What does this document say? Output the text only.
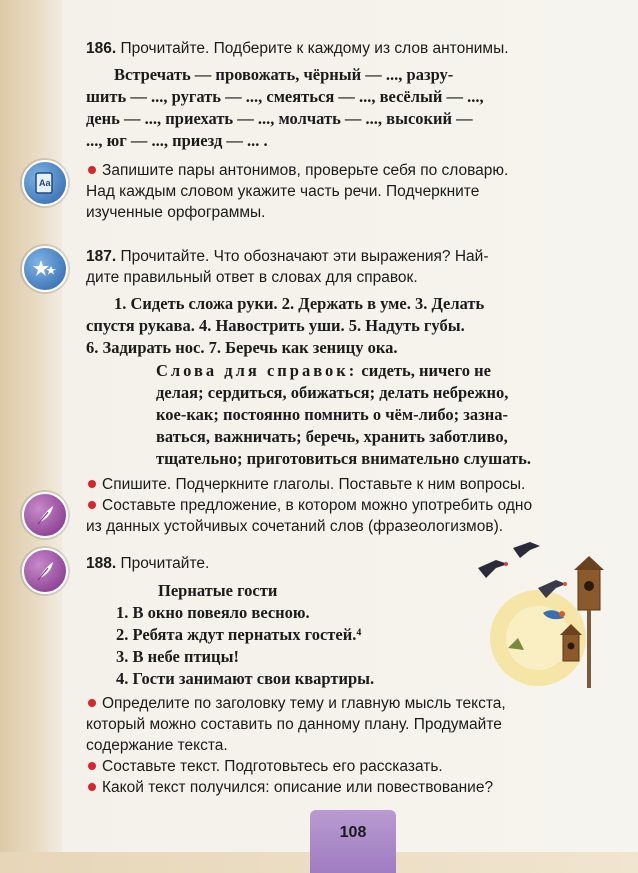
Aa
186. Прочитайте. Подберите к каждому из слов антонимы.
Встречать — провожать, чёрный — ..., разру-
шить — ..., ругать — ..., смеяться — ..., весёлый — ...,
день — ..., приехать — ..., молчать — ..., высокий —
..., юг — ..., приезд — ... .
Запишите пары антонимов, проверьте себя по словарю.
Над каждым словом укажите часть речи. Подчеркните
изученные орфограммы.
187. Прочитайте. Что обозначают эти выражения? Най-
дите правильный ответ в словах для справок.
1. Сидеть сложа руки. 2. Держать в уме. 3. Делать
спустя рукава. 4. Навострить уши. 5. Надуть губы.
6. Задирать нос. 7. Беречь как зеницу ока.
Слова для справок: сидеть, ничего не
делая; сердиться, обижаться; делать небрежно,
кое-как; постоянно помнить о чём-либо; зазна-
ваться, важничать; беречь, хранить заботливо,
тщательно; приготовиться внимательно слушать.
Спишите. Подчеркните глаголы. Поставьте к ним вопросы.
Составьте предложение, в котором можно употребить одно
из данных устойчивых сочетаний слов (фразеологизмов).
188. Прочитайте.
Пернатые гости
1. В окно повеяло весною.
2. Ребята ждут пернатых гостей.⁴
3. В небе птицы!
4. Гости занимают свои квартиры.
Определите по заголовку тему и главную мысль текста,
который можно составить по данному плану. Продумайте
содержание текста.
Составьте текст. Подготовьтесь его рассказать.
Какой текст получился: описание или повествование?
108
